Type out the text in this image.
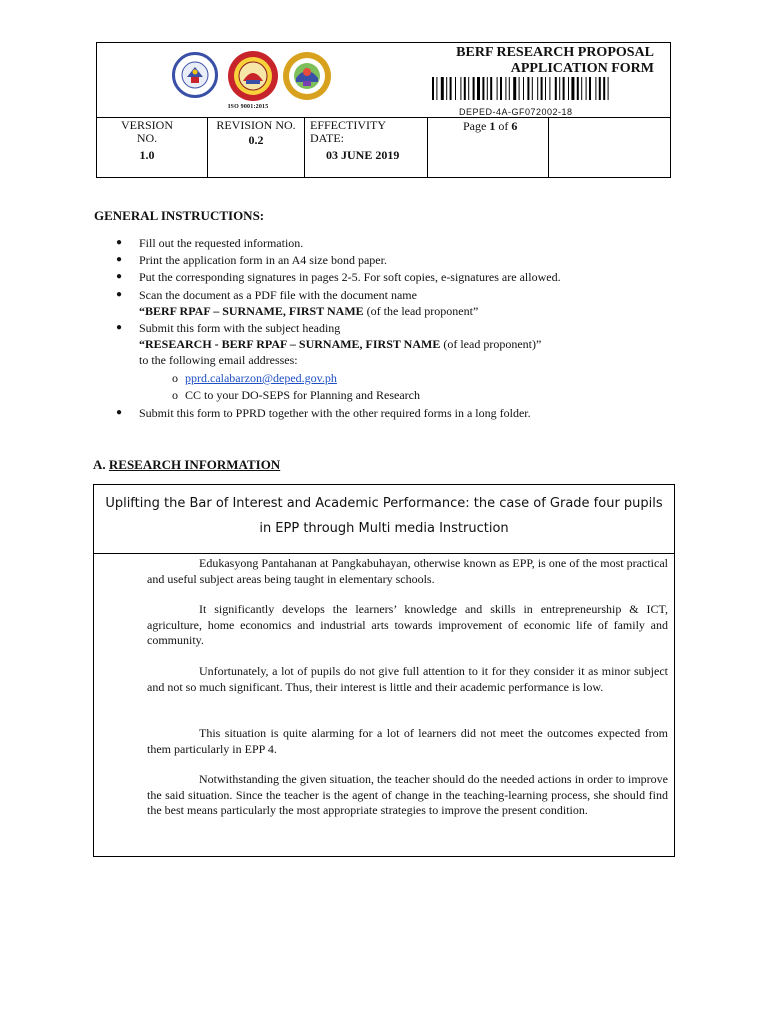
ISO 9001:2015
BERF RESEARCH PROPOSAL
APPLICATION FORM
DEPED-4A-GF072002-18
VERSION NO.
1.0
REVISION NO.
0.2
EFFECTIVITY DATE:
03 JUNE 2019
Page 1 of 6
GENERAL INSTRUCTIONS:
● Fill out the requested information.
● Print the application form in an A4 size bond paper.
● Put the corresponding signatures in pages 2-5. For soft copies, e-signatures are allowed.
● Scan the document as a PDF file with the document name
“BERF RPAF – SURNAME, FIRST NAME (of the lead proponent”
● Submit this form with the subject heading
“RESEARCH - BERF RPAF – SURNAME, FIRST NAME (of lead proponent)”
to the following email addresses:
o pprd.calabarzon@deped.gov.ph
o CC to your DO-SEPS for Planning and Research
● Submit this form to PPRD together with the other required forms in a long folder.
A. RESEARCH INFORMATION
Uplifting the Bar of Interest and Academic Performance: the case of Grade four pupils in EPP through Multi media Instruction
Edukasyong Pantahanan at Pangkabuhayan, otherwise known as EPP, is one of the most practical and useful subject areas being taught in elementary schools.
It significantly develops the learners’ knowledge and skills in entrepreneurship & ICT, agriculture, home economics and industrial arts towards improvement of economic life of family and community.
Unfortunately, a lot of pupils do not give full attention to it for they consider it as minor subject and not so much significant. Thus, their interest is little and their academic performance is low.
This situation is quite alarming for a lot of learners did not meet the outcomes expected from them particularly in EPP 4.
Notwithstanding the given situation, the teacher should do the needed actions in order to improve the said situation. Since the teacher is the agent of change in the teaching-learning process, she should find the best means particularly the most appropriate strategies to improve the present condition.
